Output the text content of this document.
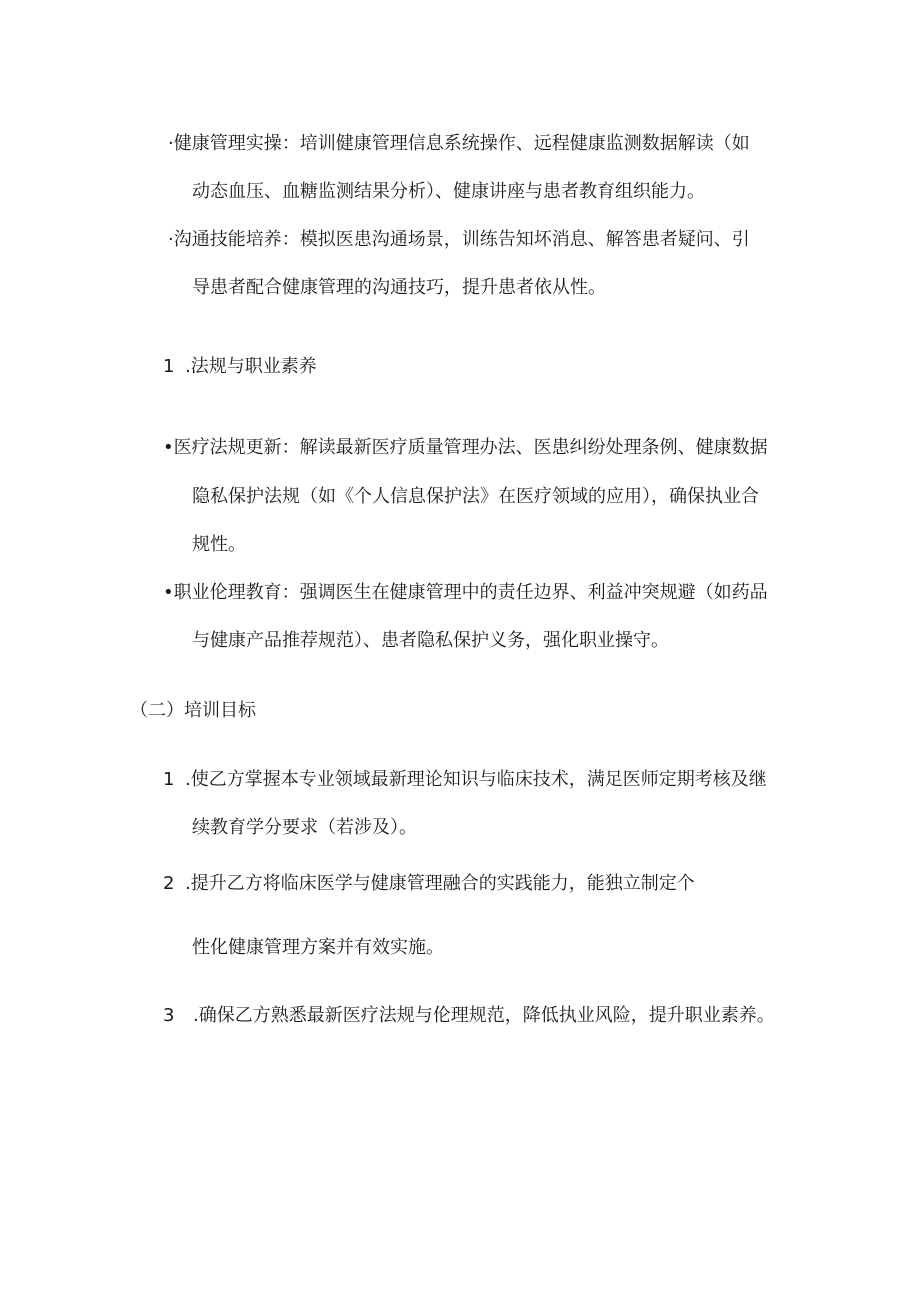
·健康管理实操：培训健康管理信息系统操作、远程健康监测数据解读（如
动态血压、血糖监测结果分析）、健康讲座与患者教育组织能力。
·沟通技能培养：模拟医患沟通场景，训练告知坏消息、解答患者疑问、引
导患者配合健康管理的沟通技巧，提升患者依从性。
1 .法规与职业素养
•医疗法规更新：解读最新医疗质量管理办法、医患纠纷处理条例、健康数据
隐私保护法规（如《个人信息保护法》在医疗领域的应用），确保执业合
规性。
•职业伦理教育：强调医生在健康管理中的责任边界、利益冲突规避（如药品
与健康产品推荐规范）、患者隐私保护义务，强化职业操守。
（二）培训目标
1 .使乙方掌握本专业领域最新理论知识与临床技术，满足医师定期考核及继
续教育学分要求（若涉及）。
2 .提升乙方将临床医学与健康管理融合的实践能力，能独立制定个
性化健康管理方案并有效实施。
3 .确保乙方熟悉最新医疗法规与伦理规范，降低执业风险，提升职业素养。
